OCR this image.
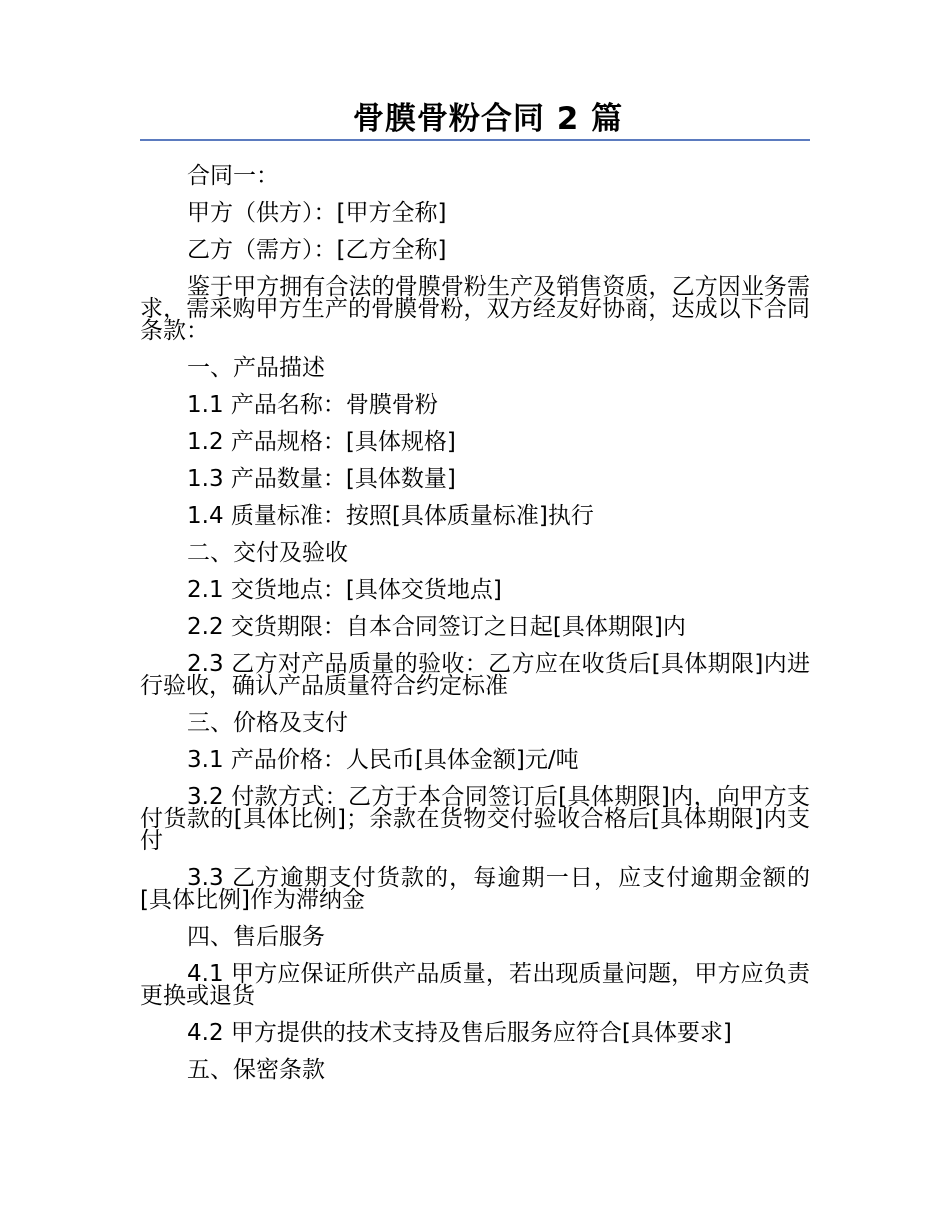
骨膜骨粉合同 2 篇

合同一：

甲方（供方）：[甲方全称]

乙方（需方）：[乙方全称]

鉴于甲方拥有合法的骨膜骨粉生产及销售资质，乙方因业务需求，需采购甲方生产的骨膜骨粉，双方经友好协商，达成以下合同条款：

一、产品描述

1.1 产品名称：骨膜骨粉

1.2 产品规格：[具体规格]

1.3 产品数量：[具体数量]

1.4 质量标准：按照[具体质量标准]执行

二、交付及验收

2.1 交货地点：[具体交货地点]

2.2 交货期限：自本合同签订之日起[具体期限]内

2.3 乙方对产品质量的验收：乙方应在收货后[具体期限]内进行验收，确认产品质量符合约定标准

三、价格及支付

3.1 产品价格：人民币[具体金额]元/吨

3.2 付款方式：乙方于本合同签订后[具体期限]内，向甲方支付货款的[具体比例]；余款在货物交付验收合格后[具体期限]内支付

3.3 乙方逾期支付货款的，每逾期一日，应支付逾期金额的[具体比例]作为滞纳金

四、售后服务

4.1 甲方应保证所供产品质量，若出现质量问题，甲方应负责更换或退货

4.2 甲方提供的技术支持及售后服务应符合[具体要求]

五、保密条款
